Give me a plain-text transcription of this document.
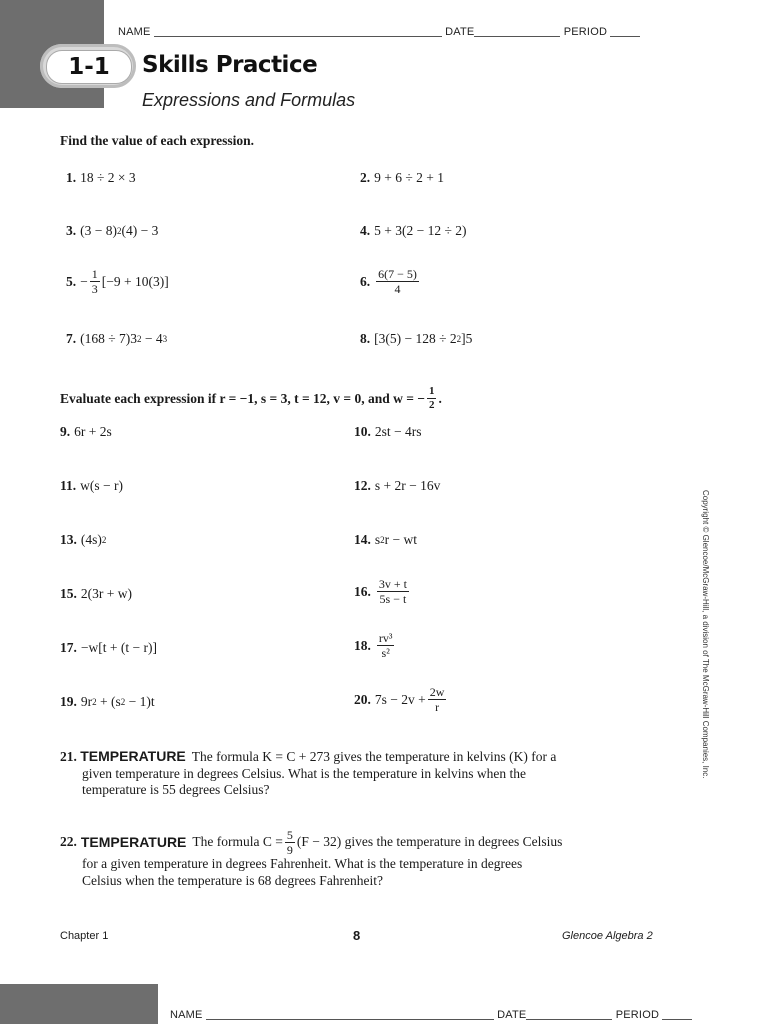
NAME	DATE	PERIOD
1-1	Skills Practice
Expressions and Formulas
Find the value of each expression.
1. 18 ÷ 2 × 3	2. 9 + 6 ÷ 2 + 1
3. (3 − 8) 2 (4) − 3	4. 5 + 3(2 − 12 ÷ 2)
5. − $\frac{1}{3} [-9 + 10(3)]$	6. $\frac{6(7 - 5)}{4}$
7. (168 ÷ 7)3 2 − 4 3	8. [3(5) − 128 ÷ 2 2 ]5
Evaluate each expression if r = −1, s = 3, t = 12, v = 0, and w = − $\frac{1}{2}$ .
9. 6r + 2s	10. 2st − 4rs
11. w(s − r)	12. s + 2r − 16v
13. (4s) 2	14. s 2 r − wt
15. 2(3r + w)	16. $\frac{3v + t}{5s - t}$
17. −w[t + (t − r)]	18. $\frac{\text{rv³}}{\text{s²}}$
19. 9r 2 + (s 2 − 1)t	20. $7s - 2v + \frac{2w}{r}$
21. TEMPERATURE The formula K = C + 273 gives the temperature in kelvins (K) for a
given temperature in degrees Celsius. What is the temperature in kelvins when the
temperature is 55 degrees Celsius?
22. TEMPERATURE The formula $C = \frac{5}{9} (F - 32)$ gives the temperature in degrees Celsius
for a given temperature in degrees Fahrenheit. What is the temperature in degrees
Celsius when the temperature is 68 degrees Fahrenheit?
Copyright © Glencoe/McGraw-Hill, a division of The McGraw-Hill Companies, Inc.
Chapter 1	8	Glencoe Algebra 2
NAME	DATE	PERIOD
